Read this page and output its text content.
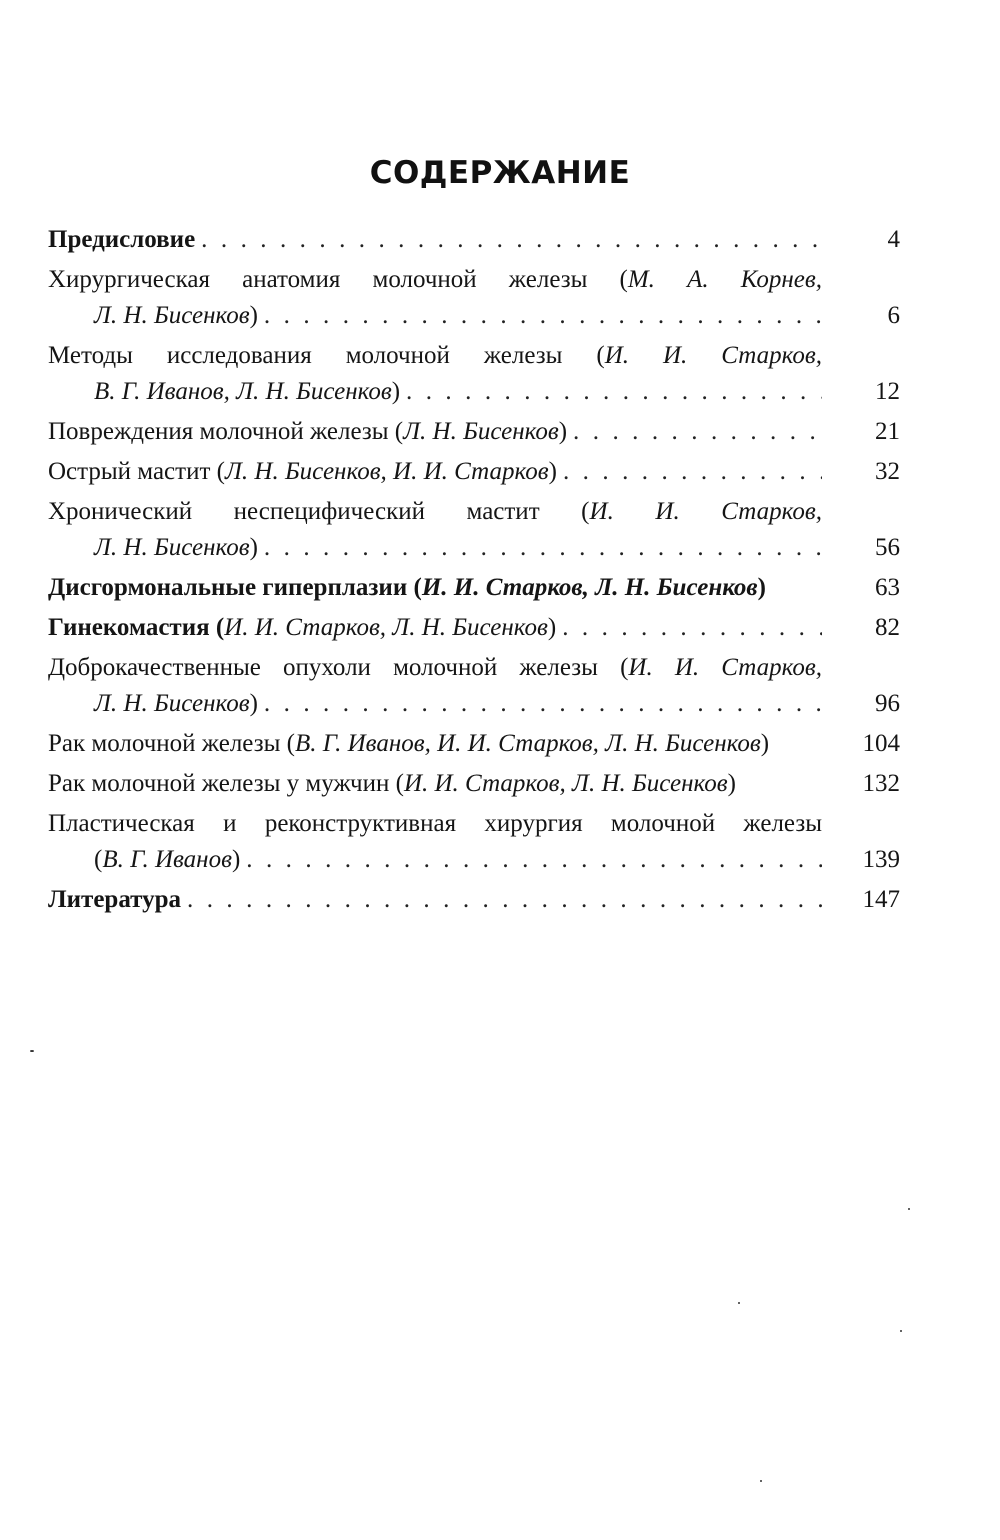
СОДЕРЖАНИЕ
Предисловие . . .	4
Хирургическая анатомия молочной железы (М. А. Корнев,
Л. Н. Бисенков ) . . .	6
Методы исследования молочной железы (И. И. Старков,
В. Г. Иванов, Л. Н. Бисенков ) . . .	12
Повреждения молочной железы ( Л. Н. Бисенков ) . . .	21
Острый мастит ( Л. Н. Бисенков, И. И. Старков ) . . .	32
Хронический неспецифический мастит (И. И. Старков,
Л. Н. Бисенков ) . . .	56
Дисгормональные гиперплазии ( И. И. Старков, Л. Н. Бисенков )	63
Гинекомастия ( И. И. Старков, Л. Н. Бисенков ) . . .	82
Доброкачественные опухоли молочной железы (И. И. Старков,
Л. Н. Бисенков ) . . .	96
Рак молочной железы ( В. Г. Иванов, И. И. Старков, Л. Н. Бисенков )	104
Рак молочной железы у мужчин ( И. И. Старков, Л. Н. Бисенков )	132
Пластическая и реконструктивная хирургия молочной железы
( В. Г. Иванов ) . . .	139
Литература . . .	147
